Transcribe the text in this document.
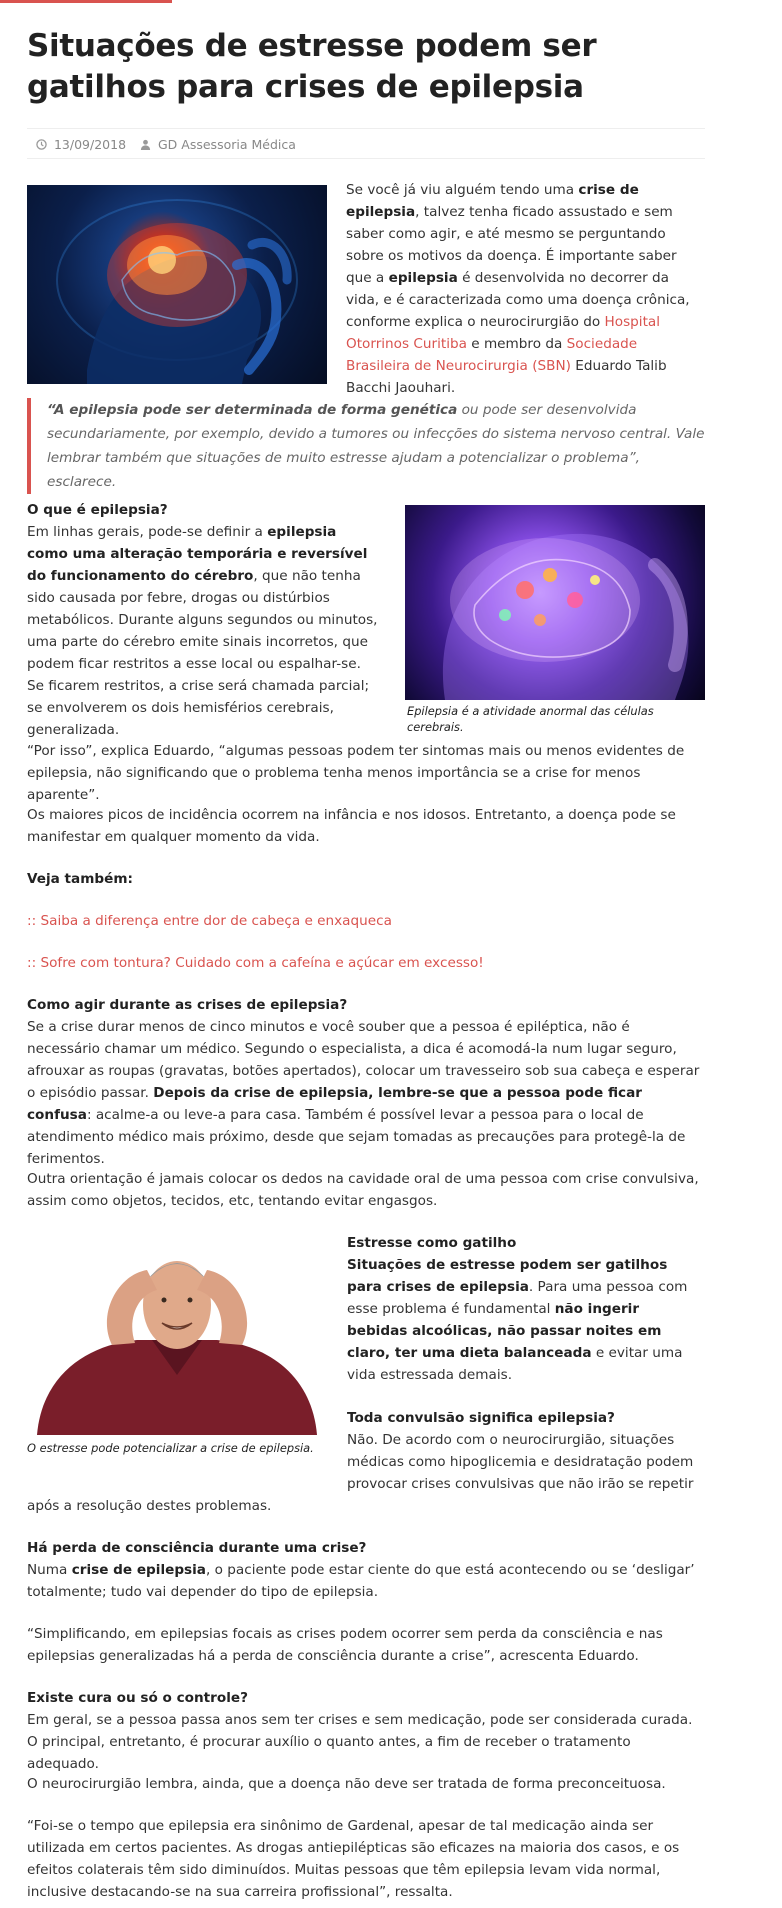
Situações de estresse podem ser gatilhos para crises de epilepsia
13/09/2018	GD Assessoria Médica

Se você já viu alguém tendo uma crise de epilepsia, talvez tenha ficado assustado e sem saber como agir, e até mesmo se perguntando sobre os motivos da doença. É importante saber que a epilepsia é desenvolvida no decorrer da vida, e é caracterizada como uma doença crônica, conforme explica o neurocirurgião do Hospital Otorrinos Curitiba e membro da Sociedade Brasileira de Neurocirurgia (SBN) Eduardo Talib Bacchi Jaouhari.

“A epilepsia pode ser determinada de forma genética ou pode ser desenvolvida secundariamente, por exemplo, devido a tumores ou infecções do sistema nervoso central. Vale lembrar também que situações de muito estresse ajudam a potencializar o problema”, esclarece.

O que é epilepsia?
Em linhas gerais, pode-se definir a epilepsia como uma alteração temporária e reversível do funcionamento do cérebro, que não tenha sido causada por febre, drogas ou distúrbios metabólicos. Durante alguns segundos ou minutos, uma parte do cérebro emite sinais incorretos, que podem ficar restritos a esse local ou espalhar-se. Se ficarem restritos, a crise será chamada parcial; se envolverem os dois hemisférios cerebrais, generalizada.

Epilepsia é a atividade anormal das células cerebrais.

“Por isso”, explica Eduardo, “algumas pessoas podem ter sintomas mais ou menos evidentes de epilepsia, não significando que o problema tenha menos importância se a crise for menos aparente”.

Os maiores picos de incidência ocorrem na infância e nos idosos. Entretanto, a doença pode se manifestar em qualquer momento da vida.

Veja também:

:: Saiba a diferença entre dor de cabeça e enxaqueca

:: Sofre com tontura? Cuidado com a cafeína e açúcar em excesso!

Como agir durante as crises de epilepsia?
Se a crise durar menos de cinco minutos e você souber que a pessoa é epiléptica, não é necessário chamar um médico. Segundo o especialista, a dica é acomodá-la num lugar seguro, afrouxar as roupas (gravatas, botões apertados), colocar um travesseiro sob sua cabeça e esperar o episódio passar. Depois da crise de epilepsia, lembre-se que a pessoa pode ficar confusa: acalme-a ou leve-a para casa. Também é possível levar a pessoa para o local de atendimento médico mais próximo, desde que sejam tomadas as precauções para protegê-la de ferimentos.

Outra orientação é jamais colocar os dedos na cavidade oral de uma pessoa com crise convulsiva, assim como objetos, tecidos, etc, tentando evitar engasgos.

O estresse pode potencializar a crise de epilepsia.

Estresse como gatilho
Situações de estresse podem ser gatilhos para crises de epilepsia. Para uma pessoa com esse problema é fundamental não ingerir bebidas alcoólicas, não passar noites em claro, ter uma dieta balanceada e evitar uma vida estressada demais.

Toda convulsão significa epilepsia?
Não. De acordo com o neurocirurgião, situações médicas como hipoglicemia e desidratação podem provocar crises convulsivas que não irão se repetir

após a resolução destes problemas.

Há perda de consciência durante uma crise?
Numa crise de epilepsia, o paciente pode estar ciente do que está acontecendo ou se ‘desligar’ totalmente; tudo vai depender do tipo de epilepsia.

“Simplificando, em epilepsias focais as crises podem ocorrer sem perda da consciência e nas epilepsias generalizadas há a perda de consciência durante a crise”, acrescenta Eduardo.

Existe cura ou só o controle?
Em geral, se a pessoa passa anos sem ter crises e sem medicação, pode ser considerada curada. O principal, entretanto, é procurar auxílio o quanto antes, a fim de receber o tratamento adequado.

O neurocirurgião lembra, ainda, que a doença não deve ser tratada de forma preconceituosa.

“Foi-se o tempo que epilepsia era sinônimo de Gardenal, apesar de tal medicação ainda ser utilizada em certos pacientes. As drogas antiepilépticas são eficazes na maioria dos casos, e os efeitos colaterais têm sido diminuídos. Muitas pessoas que têm epilepsia levam vida normal, inclusive destacando-se na sua carreira profissional”, ressalta.
